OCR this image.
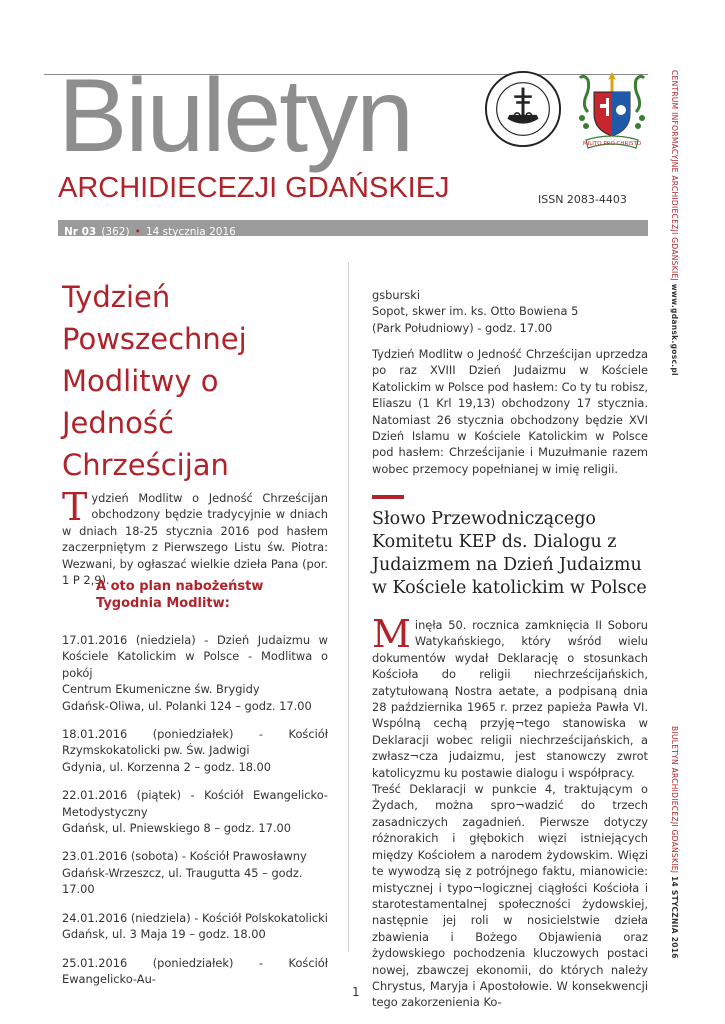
Biuletyn
ARCHIDIECEZJI GDAŃSKIEJ	ISSN 2083-4403
MILITO PRO CHRISTO
Nr 03 (362) • 14 stycznia 2016	CENTRUM INFORMACYJNE ARCHIDIECEZJI GDAŃSKIEJ www.gdansk.gosc.pl
BIULETYN ARCHIDIECEZJI GDAŃSKIEJ 14 STYCZNIA 2016
Tydzień Powszechnej Modlitwy o Jedność Chrześcijan
Tydzień Modlitw o Jedność Chrześcijan obchodzony będzie tradycyjnie w dniach w dniach 18-25 stycznia 2016 pod hasłem zaczerpniętym z Pierwszego Listu św. Piotra: Wezwani, by ogłaszać wielkie dzieła Pana (por. 1 P 2,9).
A oto plan nabożeństw Tygodnia Modlitw:

17.01.2016 (niedziela) - Dzień Judaizmu w Kościele Katolickim w Polsce - Modlitwa o pokój
Centrum Ekumeniczne św. Brygidy
Gdańsk-Oliwa, ul. Polanki 124 – godz. 17.00

18.01.2016 (poniedziałek) - Kościół Rzymskokatolicki pw. Św. Jadwigi
Gdynia, ul. Korzenna 2 – godz. 18.00

22.01.2016 (piątek) - Kościół Ewangelicko-Metodystyczny
Gdańsk, ul. Pniewskiego 8 – godz. 17.00

23.01.2016 (sobota) - Kościół Prawosławny
Gdańsk-Wrzeszcz, ul. Traugutta 45 – godz. 17.00

24.01.2016 (niedziela) - Kościół Polskokatolicki
Gdańsk, ul. 3 Maja 19 – godz. 18.00

25.01.2016 (poniedziałek) - Kościół Ewangelicko-Au-

gsburski
Sopot, skwer im. ks. Otto Bowiena 5
(Park Południowy) - godz. 17.00
Tydzień Modlitw o Jedność Chrześcijan uprzedza po raz XVIII Dzień Judaizmu w Kościele Katolickim w Polsce pod hasłem: Co ty tu robisz, Eliaszu (1 Krl 19,13) obchodzony 17 stycznia. Natomiast 26 stycznia obchodzony będzie XVI Dzień Islamu w Kościele Katolickim w Polsce pod hasłem: Chrześcijanie i Muzułmanie razem wobec przemocy popełnianej w imię religii.
Słowo Przewodniczącego Komitetu KEP ds. Dialogu z Judaizmem na Dzień Judaizmu w Kościele katolickim w Polsce
Minęła 50. rocznica zamknięcia II Soboru Watykańskiego, który wśród wielu dokumentów wydał Deklarację o stosunkach Kościoła do religii niechrześcijańskich, zatytułowaną Nostra aetate, a podpisaną dnia 28 października 1965 r. przez papieża Pawła VI. Wspólną cechą przyję¬tego stanowiska w Deklaracji wobec religii niechrześcijańskich, a zwłasz¬cza judaizmu, jest stanowczy zwrot katolicyzmu ku postawie dialogu i współpracy.
Treść Deklaracji w punkcie 4, traktującym o Żydach, można spro¬wadzić do trzech zasadniczych zagadnień. Pierwsze dotyczy różnorakich i głębokich więzi istniejących między Kościołem a narodem żydowskim. Więzi te wywodzą się z potrójnego faktu, mianowicie: mistycznej i typo¬logicznej ciągłości Kościoła i starotestamentalnej społeczności żydowskiej, następnie jej roli w nosicielstwie dzieła zbawienia i Bożego Objawienia oraz żydowskiego pochodzenia kluczowych postaci nowej, zbawczej ekonomii, do których należy Chrystus, Maryja i Apostołowie. W konsekwencji tego zakorzenienia Ko-
1
